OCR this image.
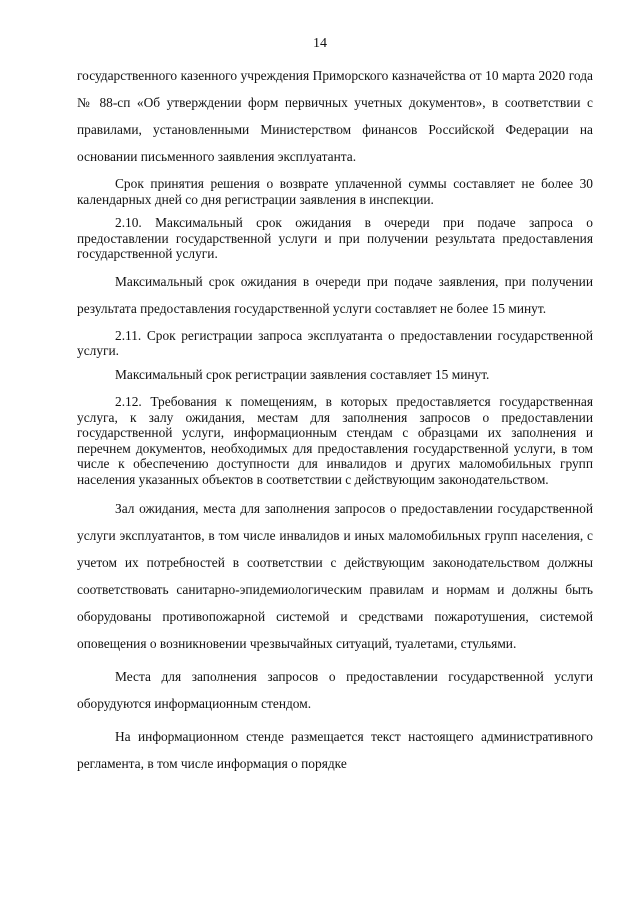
14

государственного казенного учреждения Приморского казначейства от 10 марта 2020 года № 88-сп «Об утверждении форм первичных учетных документов», в соответствии с правилами, установленными Министерством финансов Российской Федерации на основании письменного заявления эксплуатанта.

Срок принятия решения о возврате уплаченной суммы составляет не более 30 календарных дней со дня регистрации заявления в инспекции.

2.10. Максимальный срок ожидания в очереди при подаче запроса о предоставлении государственной услуги и при получении результата предоставления государственной услуги.

Максимальный срок ожидания в очереди при подаче заявления, при получении результата предоставления государственной услуги составляет не более 15 минут.

2.11. Срок регистрации запроса эксплуатанта о предоставлении государственной услуги.

Максимальный срок регистрации заявления составляет 15 минут.

2.12. Требования к помещениям, в которых предоставляется государственная услуга, к залу ожидания, местам для заполнения запросов о предоставлении государственной услуги, информационным стендам с образцами их заполнения и перечнем документов, необходимых для предоставления государственной услуги, в том числе к обеспечению доступности для инвалидов и других маломобильных групп населения указанных объектов в соответствии с действующим законодательством.

Зал ожидания, места для заполнения запросов о предоставлении государственной услуги эксплуатантов, в том числе инвалидов и иных маломобильных групп населения, с учетом их потребностей в соответствии с действующим законодательством должны соответствовать санитарно-эпидемиологическим правилам и нормам и должны быть оборудованы противопожарной системой и средствами пожаротушения, системой оповещения о возникновении чрезвычайных ситуаций, туалетами, стульями.

Места для заполнения запросов о предоставлении государственной услуги оборудуются информационным стендом.

На информационном стенде размещается текст настоящего административного регламента, в том числе информация о порядке
